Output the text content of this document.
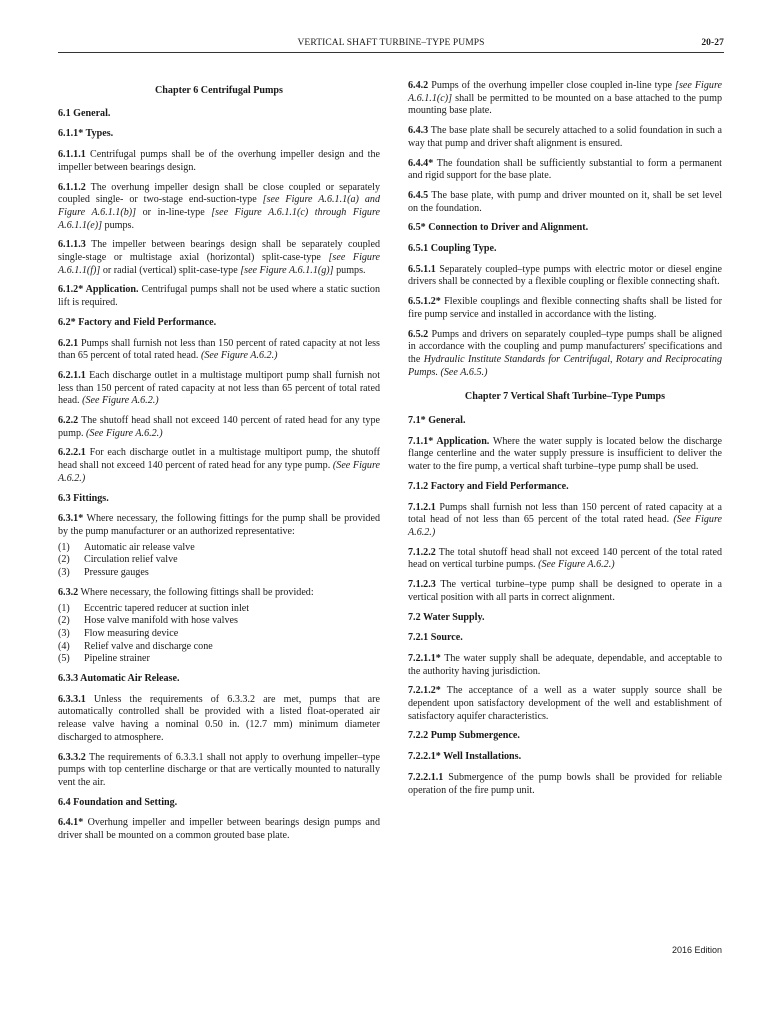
VERTICAL SHAFT TURBINE–TYPE PUMPS	20-27
Chapter 6 Centrifugal Pumps
6.1 General.
6.1.1* Types.
6.1.1.1 Centrifugal pumps shall be of the overhung impeller design and the impeller between bearings design.
6.1.1.2 The overhung impeller design shall be close coupled or separately coupled single- or two-stage end-suction-type [see Figure A.6.1.1(a) and Figure A.6.1.1(b)] or in-line-type [see Figure A.6.1.1(c) through Figure A.6.1.1(e)] pumps.
6.1.1.3 The impeller between bearings design shall be separately coupled single-stage or multistage axial (horizontal) split-case-type [see Figure A.6.1.1(f)] or radial (vertical) split-case-type [see Figure A.6.1.1(g)] pumps.
6.1.2* Application. Centrifugal pumps shall not be used where a static suction lift is required.
6.2* Factory and Field Performance.
6.2.1 Pumps shall furnish not less than 150 percent of rated capacity at not less than 65 percent of total rated head. (See Figure A.6.2.)
6.2.1.1 Each discharge outlet in a multistage multiport pump shall furnish not less than 150 percent of rated capacity at not less than 65 percent of total rated head. (See Figure A.6.2.)
6.2.2 The shutoff head shall not exceed 140 percent of rated head for any type pump. (See Figure A.6.2.)
6.2.2.1 For each discharge outlet in a multistage multiport pump, the shutoff head shall not exceed 140 percent of rated head for any type pump. (See Figure A.6.2.)
6.3 Fittings.
6.3.1* Where necessary, the following fittings for the pump shall be provided by the pump manufacturer or an authorized representative:
(1)	Automatic air release valve
(2)	Circulation relief valve
(3)	Pressure gauges
6.3.2 Where necessary, the following fittings shall be provided:
(1)	Eccentric tapered reducer at suction inlet
(2)	Hose valve manifold with hose valves
(3)	Flow measuring device
(4)	Relief valve and discharge cone
(5)	Pipeline strainer
6.3.3 Automatic Air Release.
6.3.3.1 Unless the requirements of 6.3.3.2 are met, pumps that are automatically controlled shall be provided with a listed float-operated air release valve having a nominal 0.50 in. (12.7 mm) minimum diameter discharged to atmosphere.
6.3.3.2 The requirements of 6.3.3.1 shall not apply to overhung impeller–type pumps with top centerline discharge or that are vertically mounted to naturally vent the air.
6.4 Foundation and Setting.
6.4.1* Overhung impeller and impeller between bearings design pumps and driver shall be mounted on a common grouted base plate.
6.4.2 Pumps of the overhung impeller close coupled in-line type [see Figure A.6.1.1(c)] shall be permitted to be mounted on a base attached to the pump mounting base plate.
6.4.3 The base plate shall be securely attached to a solid foundation in such a way that pump and driver shaft alignment is ensured.
6.4.4* The foundation shall be sufficiently substantial to form a permanent and rigid support for the base plate.
6.4.5 The base plate, with pump and driver mounted on it, shall be set level on the foundation.
6.5* Connection to Driver and Alignment.
6.5.1 Coupling Type.
6.5.1.1 Separately coupled–type pumps with electric motor or diesel engine drivers shall be connected by a flexible coupling or flexible connecting shaft.
6.5.1.2* Flexible couplings and flexible connecting shafts shall be listed for fire pump service and installed in accordance with the listing.
6.5.2 Pumps and drivers on separately coupled–type pumps shall be aligned in accordance with the coupling and pump manufacturers' specifications and the Hydraulic Institute Standards for Centrifugal, Rotary and Reciprocating Pumps. (See A.6.5.)
Chapter 7 Vertical Shaft Turbine–Type Pumps
7.1* General.
7.1.1* Application. Where the water supply is located below the discharge flange centerline and the water supply pressure is insufficient to deliver the water to the fire pump, a vertical shaft turbine–type pump shall be used.
7.1.2 Factory and Field Performance.
7.1.2.1 Pumps shall furnish not less than 150 percent of rated capacity at a total head of not less than 65 percent of the total rated head. (See Figure A.6.2.)
7.1.2.2 The total shutoff head shall not exceed 140 percent of the total rated head on vertical turbine pumps. (See Figure A.6.2.)
7.1.2.3 The vertical turbine–type pump shall be designed to operate in a vertical position with all parts in correct alignment.
7.2 Water Supply.
7.2.1 Source.
7.2.1.1* The water supply shall be adequate, dependable, and acceptable to the authority having jurisdiction.
7.2.1.2* The acceptance of a well as a water supply source shall be dependent upon satisfactory development of the well and establishment of satisfactory aquifer characteristics.
7.2.2 Pump Submergence.
7.2.2.1* Well Installations.
7.2.2.1.1 Submergence of the pump bowls shall be provided for reliable operation of the fire pump unit.
2016 Edition
